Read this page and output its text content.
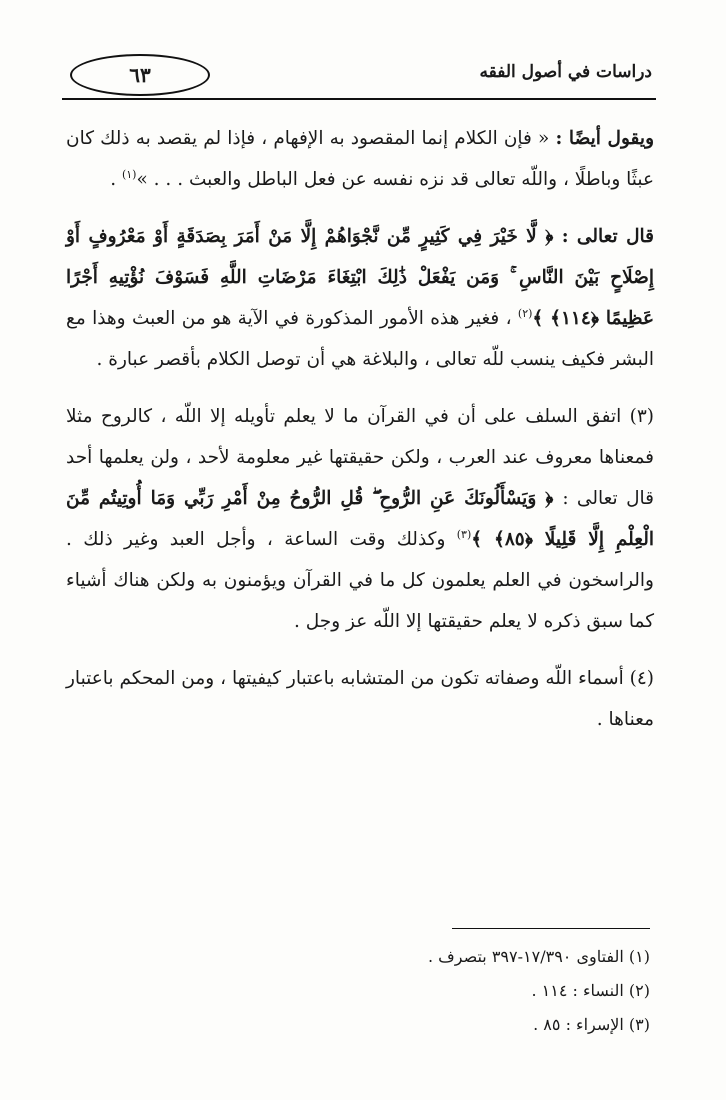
دراسات في أصول الفقه
٦٣

ويقول أيضًا : « فإن الكلام إنما المقصود به الإفهام ، فإذا لم يقصد به ذلك كان عبثًا وباطلًا ، واللّه تعالى قد نزه نفسه عن فعل الباطل والعبث . . . »$^{(١)}$ .

قال تعالى : ﴿ لَّا خَيْرَ فِي كَثِيرٍ مِّن نَّجْوَاهُمْ إِلَّا مَنْ أَمَرَ بِصَدَقَةٍ أَوْ مَعْرُوفٍ أَوْ إِصْلَاحٍ بَيْنَ النَّاسِ ۚ وَمَن يَفْعَلْ ذَٰلِكَ ابْتِغَاءَ مَرْضَاتِ اللَّهِ فَسَوْفَ نُؤْتِيهِ أَجْرًا عَظِيمًا ﴿١١٤﴾ ﴾$^{(٢)}$ ، فغير هذه الأمور المذكورة في الآية هو من العبث وهذا مع البشر فكيف ينسب للّه تعالى ، والبلاغة هي أن توصل الكلام بأقصر عبارة .

(٣) اتفق السلف على أن في القرآن ما لا يعلم تأويله إلا اللّه ، كالروح مثلا فمعناها معروف عند العرب ، ولكن حقيقتها غير معلومة لأحد ، ولن يعلمها أحد قال تعالى : ﴿ وَيَسْأَلُونَكَ عَنِ الرُّوحِ ۖ قُلِ الرُّوحُ مِنْ أَمْرِ رَبِّي وَمَا أُوتِيتُم مِّنَ الْعِلْمِ إِلَّا قَلِيلًا ﴿٨٥﴾ ﴾$^{(٣)}$ وكذلك وقت الساعة ، وأجل العبد وغير ذلك . والراسخون في العلم يعلمون كل ما في القرآن ويؤمنون به ولكن هناك أشياء كما سبق ذكره لا يعلم حقيقتها إلا اللّه عز وجل .

(٤) أسماء اللّه وصفاته تكون من المتشابه باعتبار كيفيتها ، ومن المحكم باعتبار معناها .

(١) الفتاوى ١٧/٣٩٠-٣٩٧ بتصرف .
(٢) النساء : ١١٤ .
(٣) الإسراء : ٨٥ .
